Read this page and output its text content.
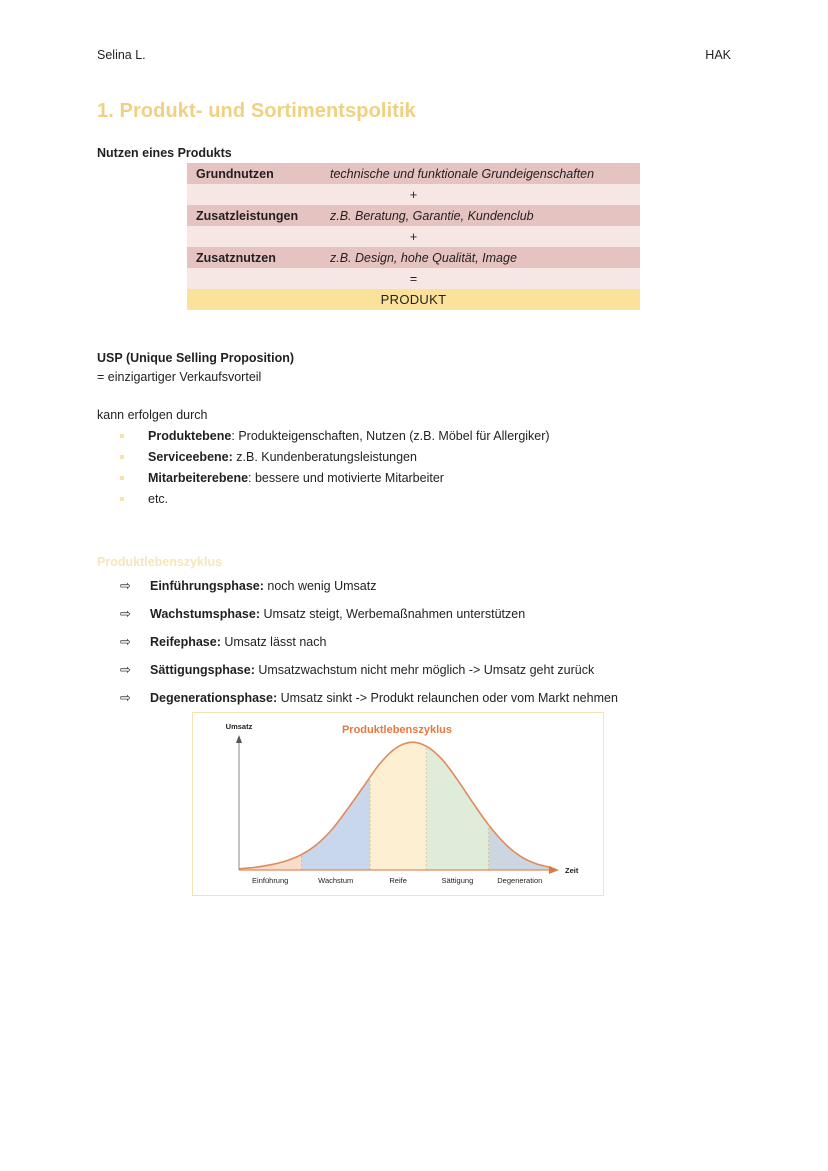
Selina L.	HAK
1. Produkt- und Sortimentspolitik
Nutzen eines Produkts
Grundnutzen	technische und funktionale Grundeigenschaften
+	
Zusatzleistungen	z.B. Beratung, Garantie, Kundenclub
+	
Zusatznutzen	z.B. Design, hohe Qualität, Image
=	
PRODUKT	
USP (Unique Selling Proposition)
= einzigartiger Verkaufsvorteil
kann erfolgen durch
Produktebene: Produkteigenschaften, Nutzen (z.B. Möbel für Allergiker)
Serviceebene: z.B. Kundenberatungsleistungen
Mitarbeiterebene: bessere und motivierte Mitarbeiter
etc.
Produktlebenszyklus
⇨ Einführungsphase: noch wenig Umsatz
⇨ Wachstumsphase: Umsatz steigt, Werbemaßnahmen unterstützen
⇨ Reifephase: Umsatz lässt nach
⇨ Sättigungsphase: Umsatzwachstum nicht mehr möglich -> Umsatz geht zurück
⇨ Degenerationsphase: Umsatz sinkt -> Produkt relaunchen oder vom Markt nehmen
Produktlebenszyklus
Umsatz
Zeit
Einführung	Wachstum	Reife	Sättigung	Degeneration
